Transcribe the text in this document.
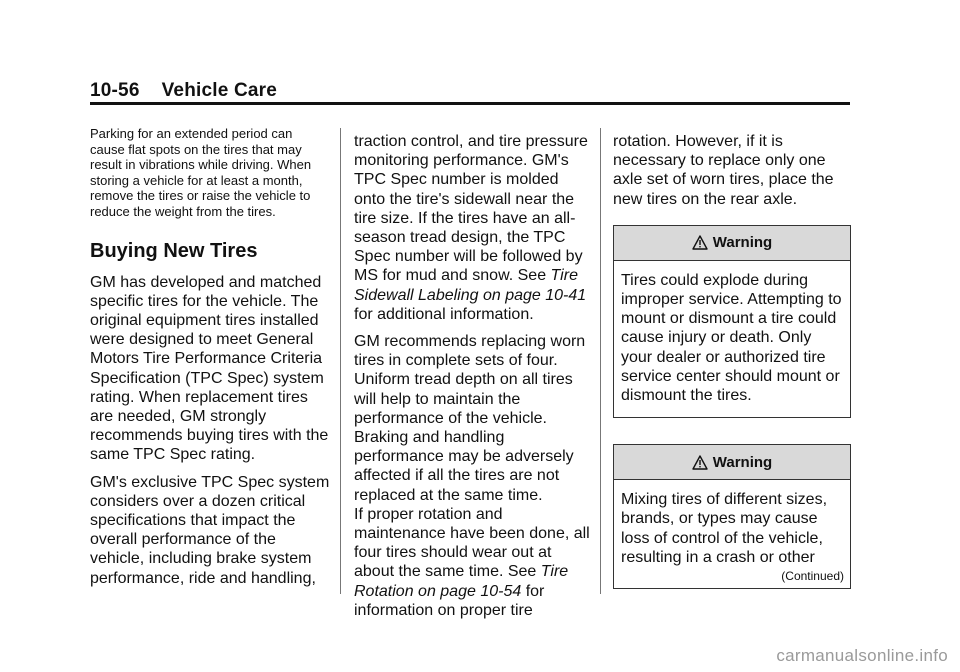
10-56 Vehicle Care

Parking for an extended period can cause flat spots on the tires that may result in vibrations while driving. When storing a vehicle for at least a month, remove the tires or raise the vehicle to reduce the weight from the tires.

Buying New Tires

GM has developed and matched specific tires for the vehicle. The original equipment tires installed were designed to meet General Motors Tire Performance Criteria Specification (TPC Spec) system rating. When replacement tires are needed, GM strongly recommends buying tires with the same TPC Spec rating.

GM's exclusive TPC Spec system considers over a dozen critical specifications that impact the overall performance of the vehicle, including brake system performance, ride and handling,

traction control, and tire pressure monitoring performance. GM's TPC Spec number is molded onto the tire's sidewall near the tire size. If the tires have an all-season tread design, the TPC Spec number will be followed by MS for mud and snow. See Tire Sidewall Labeling on page 10-41 for additional information.

GM recommends replacing worn tires in complete sets of four. Uniform tread depth on all tires will help to maintain the performance of the vehicle. Braking and handling performance may be adversely affected if all the tires are not replaced at the same time.

If proper rotation and maintenance have been done, all four tires should wear out at about the same time. See Tire Rotation on page 10-54 for information on proper tire

rotation. However, if it is necessary to replace only one axle set of worn tires, place the new tires on the rear axle.

Warning

Tires could explode during improper service. Attempting to mount or dismount a tire could cause injury or death. Only your dealer or authorized tire service center should mount or dismount the tires.

Warning

Mixing tires of different sizes, brands, or types may cause loss of control of the vehicle, resulting in a crash or other

(Continued)
carmanualsonline.info
